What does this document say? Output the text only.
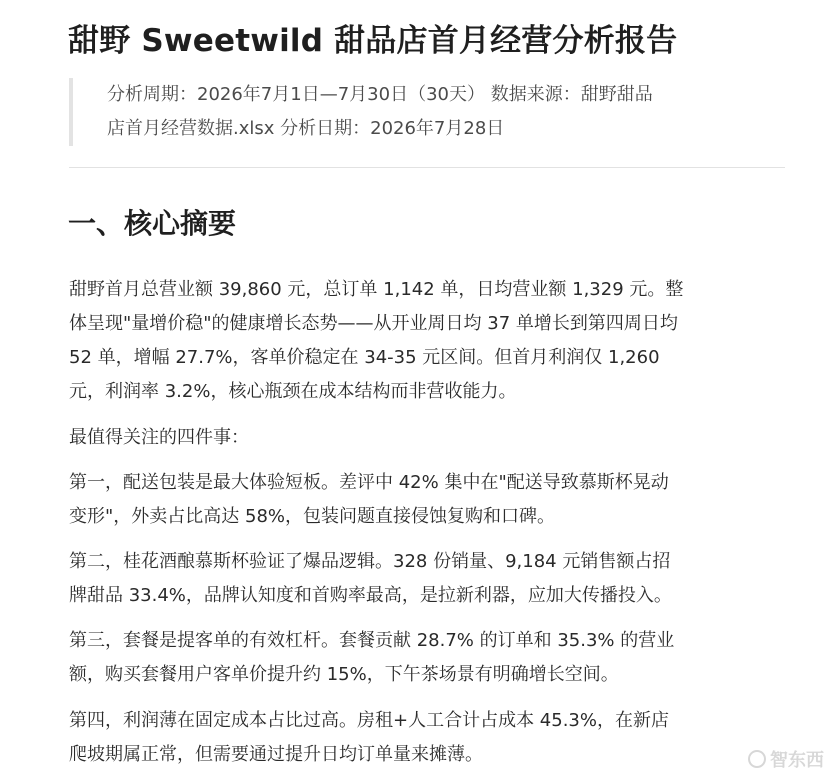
甜野 Sweetwild 甜品店首月经营分析报告
分析周期：2026年7月1日—7月30日（30天） 数据来源：甜野甜品
店首月经营数据.xlsx 分析日期：2026年7月28日
一、核心摘要
甜野首月总营业额 39,860 元，总订单 1,142 单，日均营业额 1,329 元。整
体呈现"量增价稳"的健康增长态势——从开业周日均 37 单增长到第四周日均
52 单，增幅 27.7%，客单价稳定在 34-35 元区间。但首月利润仅 1,260
元，利润率 3.2%，核心瓶颈在成本结构而非营收能力。
最值得关注的四件事：
第一，配送包装是最大体验短板。差评中 42% 集中在"配送导致慕斯杯晃动
变形"，外卖占比高达 58%，包装问题直接侵蚀复购和口碑。
第二，桂花酒酿慕斯杯验证了爆品逻辑。328 份销量、9,184 元销售额占招
牌甜品 33.4%，品牌认知度和首购率最高，是拉新利器，应加大传播投入。
第三，套餐是提客单的有效杠杆。套餐贡献 28.7% 的订单和 35.3% 的营业
额，购买套餐用户客单价提升约 15%，下午茶场景有明确增长空间。
第四，利润薄在固定成本占比过高。房租+人工合计占成本 45.3%，在新店
爬坡期属正常，但需要通过提升日均订单量来摊薄。	智东西
